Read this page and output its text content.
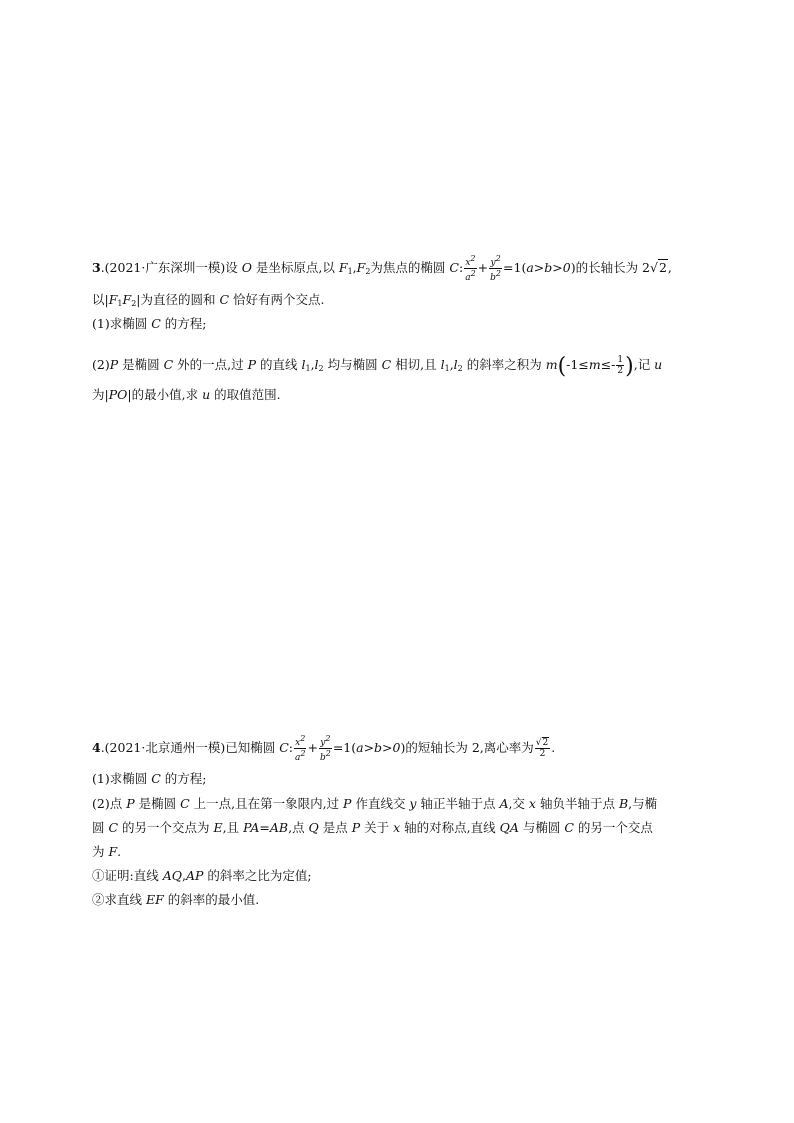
3.(2021·广东深圳一模)设 O 是坐标原点,以 $F_1,F_2$为焦点的椭圆 C: $\frac{x^2}{a^2} + \frac{y^2}{b^2} =1(a>b>0)$的长轴长为 2√2,
以$|F_1F_2|$为直径的圆和 C 恰好有两个交点.
(1)求椭圆 C 的方程;
(2)P 是椭圆 C 外的一点,过 P 的直线 $l_1,l_2$ 均与椭圆 C 相切,且 $l_1,l_2$ 的斜率之积为 $m(-1\le m\le- \frac{1}{2}$ ),记 u
为|PO|的最小值,求 u 的取值范围.
4.(2021·北京通州一模)已知椭圆 C: $\frac{x^2}{a^2} + \frac{y^2}{b^2} =1(a>b>0)$的短轴长为 2,离心率为 $\frac{√2}{2}$ .
(1)求椭圆 C 的方程;
(2)点 P 是椭圆 C 上一点,且在第一象限内,过 P 作直线交 y 轴正半轴于点 A,交 x 轴负半轴于点 B,与椭
圆 C 的另一个交点为 E,且 PA=AB,点 Q 是点 P 关于 x 轴的对称点,直线 QA 与椭圆 C 的另一个交点
为 F.
①证明:直线 AQ,AP 的斜率之比为定值;
②求直线 EF 的斜率的最小值.
